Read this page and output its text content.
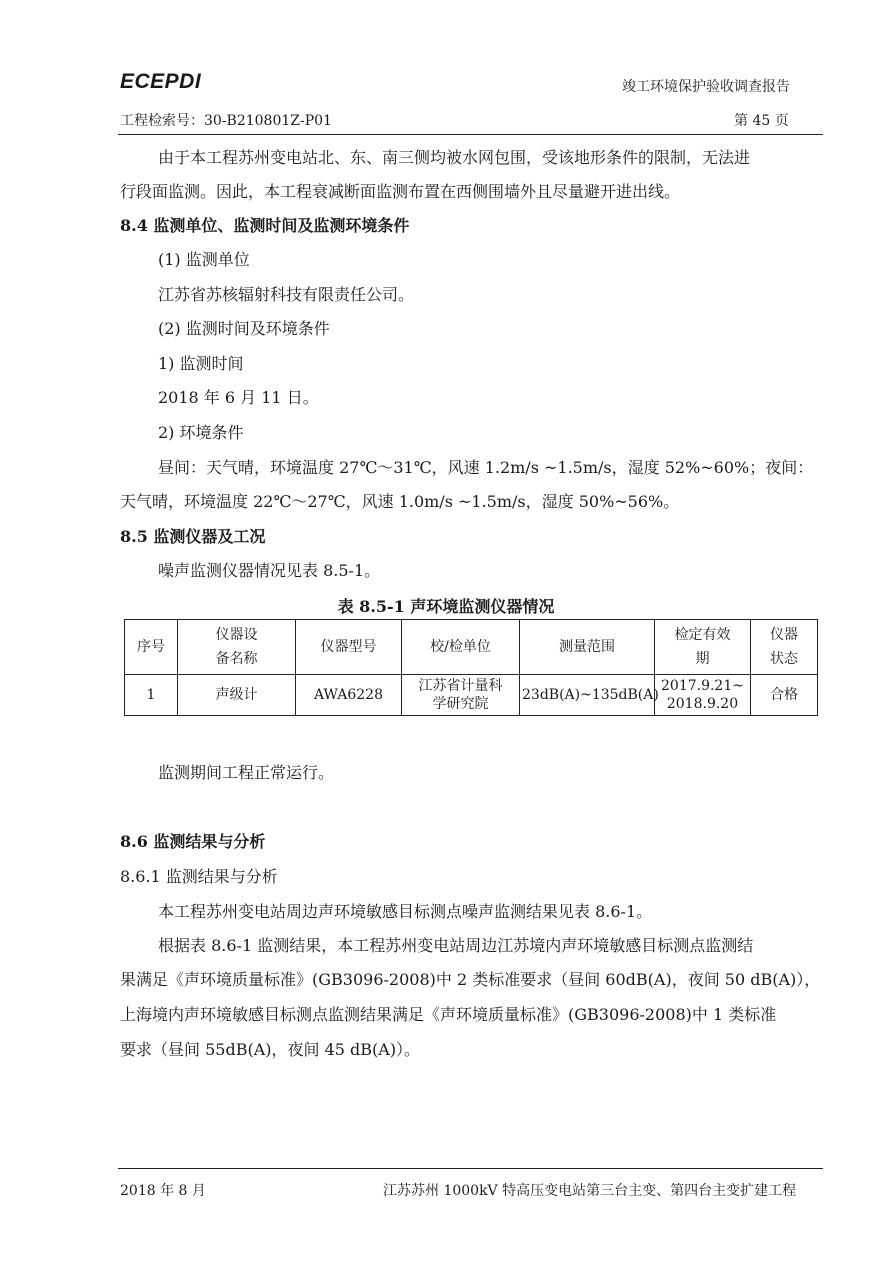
ECEPDI	竣工环境保护验收调查报告
工程检索号：30-B210801Z-P01	第 45 页
由于本工程苏州变电站北、东、南三侧均被水网包围，受该地形条件的限制，无法进
行段面监测。因此，本工程衰减断面监测布置在西侧围墙外且尽量避开进出线。
8.4 监测单位、监测时间及监测环境条件
(1) 监测单位
江苏省苏核辐射科技有限责任公司。
(2) 监测时间及环境条件
1) 监测时间
2018 年 6 月 11 日。
2) 环境条件
昼间：天气晴，环境温度 27℃～31℃，风速 1.2m/s ~1.5m/s，湿度 52%~60%；夜间：
天气晴，环境温度 22℃～27℃，风速 1.0m/s ~1.5m/s，湿度 50%~56%。
8.5 监测仪器及工况
噪声监测仪器情况见表 8.5-1。
表 8.5-1 声环境监测仪器情况
序号	仪器设
备名称	仪器型号	校/检单位	测量范围	检定有效
期	仪器
状态
1	声级计	AWA6228	江苏省计量科
学研究院	23dB(A)~135dB(A)	2017.9.21~
2018.9.20	合格
监测期间工程正常运行。
8.6 监测结果与分析
8.6.1 监测结果与分析
本工程苏州变电站周边声环境敏感目标测点噪声监测结果见表 8.6-1。
根据表 8.6-1 监测结果，本工程苏州变电站周边江苏境内声环境敏感目标测点监测结
果满足《声环境质量标准》(GB3096-2008)中 2 类标准要求（昼间 60dB(A)，夜间 50 dB(A)），
上海境内声环境敏感目标测点监测结果满足《声环境质量标准》(GB3096-2008)中 1 类标准
要求（昼间 55dB(A)，夜间 45 dB(A)）。
2018 年 8 月	江苏苏州 1000kV 特高压变电站第三台主变、第四台主变扩建工程
